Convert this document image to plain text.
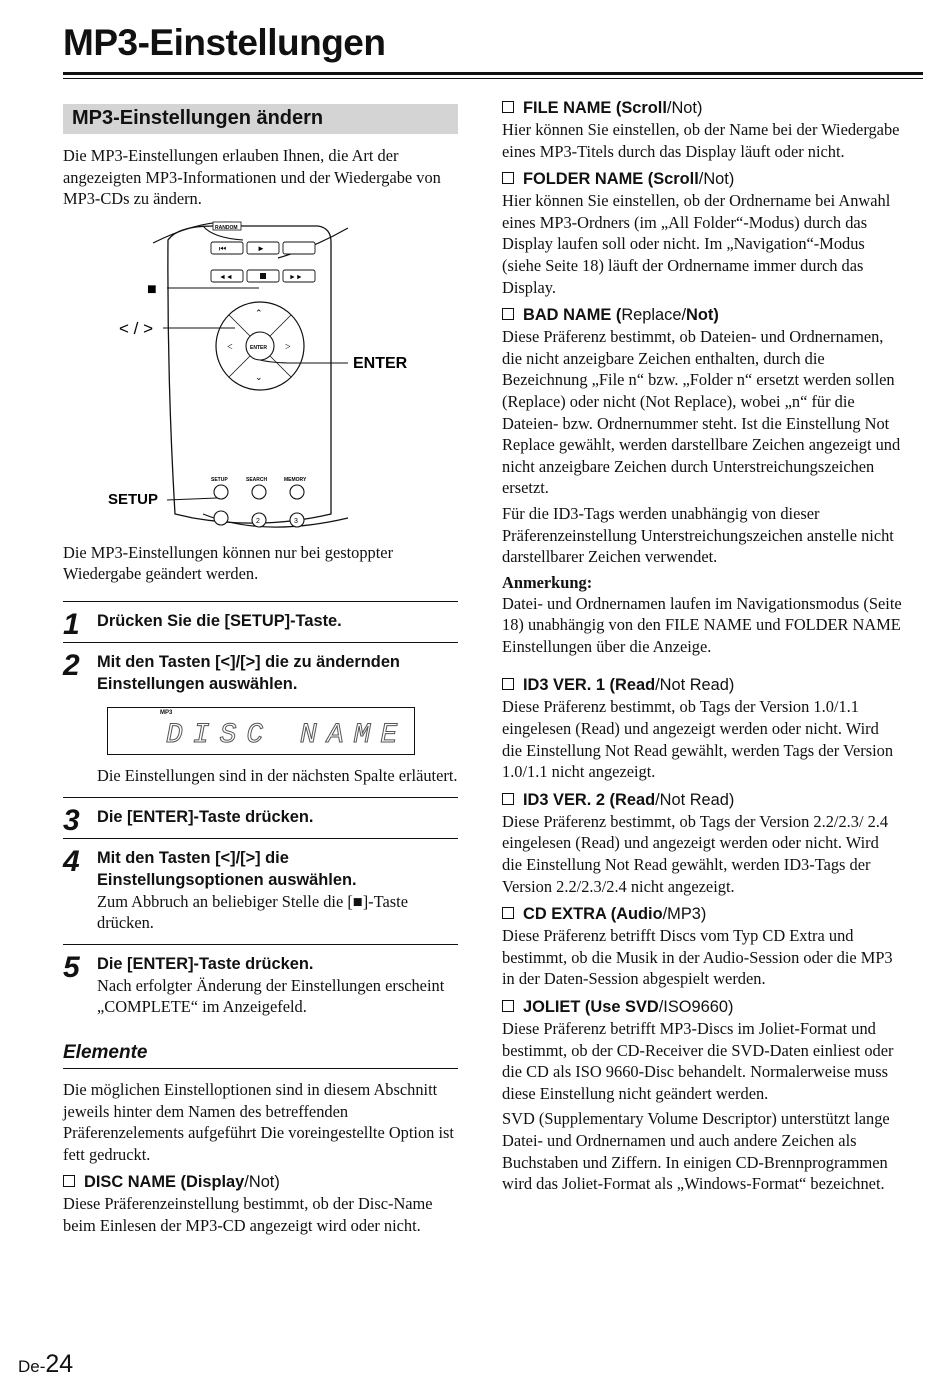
MP3-Einstellungen
MP3-Einstellungen ändern

Die MP3-Einstellungen erlauben Ihnen, die Art der angezeigten MP3-Informationen und der Wiedergabe von MP3-CDs zu ändern.

RANDOM
⏮	►
◄◄	►►
ENTER
⌃
<	>
⌄
SETUP	SEARCH	MEMORY
2	3
■
< / >
ENTER
SETUP

Die MP3-Einstellungen können nur bei gestoppter Wiedergabe geändert werden.

1 Drücken Sie die [SETUP]-Taste.
2 Mit den Tasten [<]/[>] die zu ändernden Einstellungen auswählen.
MP3
DISC NAME

Die Einstellungen sind in der nächsten Spalte erläutert.

3 Die [ENTER]-Taste drücken.
4 Mit den Tasten [<]/[>] die Einstellungsoptionen auswählen.

Zum Abbruch an beliebiger Stelle die [■]-Taste drücken.

5 Die [ENTER]-Taste drücken.

Nach erfolgter Änderung der Einstellungen erscheint „COMPLETE“ im Anzeigefeld.

Elemente

Die möglichen Einstelloptionen sind in diesem Abschnitt jeweils hinter dem Namen des betreffenden Präferenzelements aufgeführt Die voreingestellte Option ist fett gedruckt.

DISC NAME (Display/Not)

Diese Präferenzeinstellung bestimmt, ob der Disc-Name beim Einlesen der MP3-CD angezeigt wird oder nicht.

FILE NAME (Scroll/Not)

Hier können Sie einstellen, ob der Name bei der Wiedergabe eines MP3-Titels durch das Display läuft oder nicht.

FOLDER NAME (Scroll/Not)

Hier können Sie einstellen, ob der Ordnername bei Anwahl eines MP3-Ordners (im „All Folder“-Modus) durch das Display laufen soll oder nicht. Im „Navigation“-Modus (siehe Seite 18) läuft der Ordnername immer durch das Display.

BAD NAME (Replace/Not)

Diese Präferenz bestimmt, ob Dateien- und Ordnernamen, die nicht anzeigbare Zeichen enthalten, durch die Bezeichnung „File n“ bzw. „Folder n“ ersetzt werden sollen (Replace) oder nicht (Not Replace), wobei „n“ für die Dateien- bzw. Ordnernummer steht. Ist die Einstellung Not Replace gewählt, werden darstellbare Zeichen angezeigt und nicht anzeigbare Zeichen durch Unterstreichungszeichen ersetzt.

Für die ID3-Tags werden unabhängig von dieser Präferenzeinstellung Unterstreichungszeichen anstelle nicht darstellbarer Zeichen verwendet.

Anmerkung:

Datei- und Ordnernamen laufen im Navigationsmodus (Seite 18) unabhängig von den FILE NAME und FOLDER NAME Einstellungen über die Anzeige.

ID3 VER. 1 (Read/Not Read)

Diese Präferenz bestimmt, ob Tags der Version 1.0/1.1 eingelesen (Read) und angezeigt werden oder nicht. Wird die Einstellung Not Read gewählt, werden Tags der Version 1.0/1.1 nicht angezeigt.

ID3 VER. 2 (Read/Not Read)

Diese Präferenz bestimmt, ob Tags der Version 2.2/2.3/ 2.4 eingelesen (Read) und angezeigt werden oder nicht. Wird die Einstellung Not Read gewählt, werden ID3-Tags der Version 2.2/2.3/2.4 nicht angezeigt.

CD EXTRA (Audio/MP3)

Diese Präferenz betrifft Discs vom Typ CD Extra und bestimmt, ob die Musik in der Audio-Session oder die MP3 in der Daten-Session abgespielt werden.

JOLIET (Use SVD/ISO9660)

Diese Präferenz betrifft MP3-Discs im Joliet-Format und bestimmt, ob der CD-Receiver die SVD-Daten einliest oder die CD als ISO 9660-Disc behandelt. Normalerweise muss diese Einstellung nicht geändert werden.

SVD (Supplementary Volume Descriptor) unterstützt lange Datei- und Ordnernamen und auch andere Zeichen als Buchstaben und Ziffern. In einigen CD-Brennprogrammen wird das Joliet-Format als „Windows-Format“ bezeichnet.

De-24
